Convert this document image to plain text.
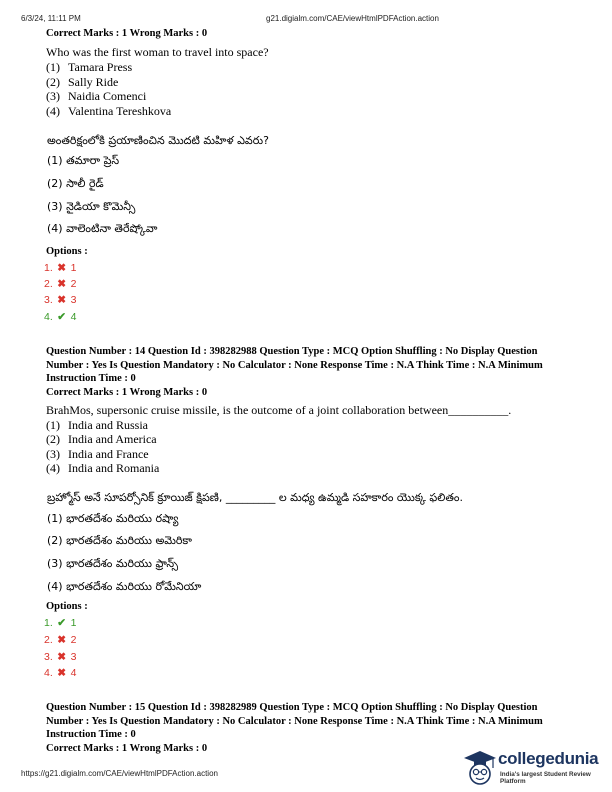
6/3/24, 11:11 PM	g21.digialm.com/CAE/viewHtmlPDFAction.action
Correct Marks : 1 Wrong Marks : 0
Who was the first woman to travel into space?
(1) Tamara Press
(2) Sally Ride
(3) Naidia Comenci
(4) Valentina Tereshkova
అంతరిక్షంలోకి ప్రయాణించిన మొదటి మహిళ ఎవరు?
(1) తమారా ప్రెస్
(2) సాలీ రైడ్
(3) నైడియా కొమెన్సీ
(4) వాలెంటినా తెరేష్కోవా
Options :
1. ✖ 1
2. ✖ 2
3. ✖ 3
4. ✔ 4
Question Number : 14 Question Id : 398282988 Question Type : MCQ Option Shuffling : No Display Question Number : Yes Is Question Mandatory : No Calculator : None Response Time : N.A Think Time : N.A Minimum Instruction Time : 0
Correct Marks : 1 Wrong Marks : 0
BrahMos, supersonic cruise missile, is the outcome of a joint collaboration between__________.
(1) India and Russia
(2) India and America
(3) India and France
(4) India and Romania
బ్రహ్మోస్ అనే సూపర్సోనిక్ క్రూయిజ్ క్షిపణి, _________ ల మధ్య ఉమ్మడి సహకారం యొక్క ఫలితం.
(1) భారతదేశం మరియు రష్యా
(2) భారతదేశం మరియు అమెరికా
(3) భారతదేశం మరియు ఫ్రాన్స్
(4) భారతదేశం మరియు రోమేనియా
Options :
1. ✔ 1
2. ✖ 2
3. ✖ 3
4. ✖ 4
Question Number : 15 Question Id : 398282989 Question Type : MCQ Option Shuffling : No Display Question Number : Yes Is Question Mandatory : No Calculator : None Response Time : N.A Think Time : N.A Minimum Instruction Time : 0
Correct Marks : 1 Wrong Marks : 0
https://g21.digialm.com/CAE/viewHtmlPDFAction.action
collegedunia
India's largest Student Review Platform
